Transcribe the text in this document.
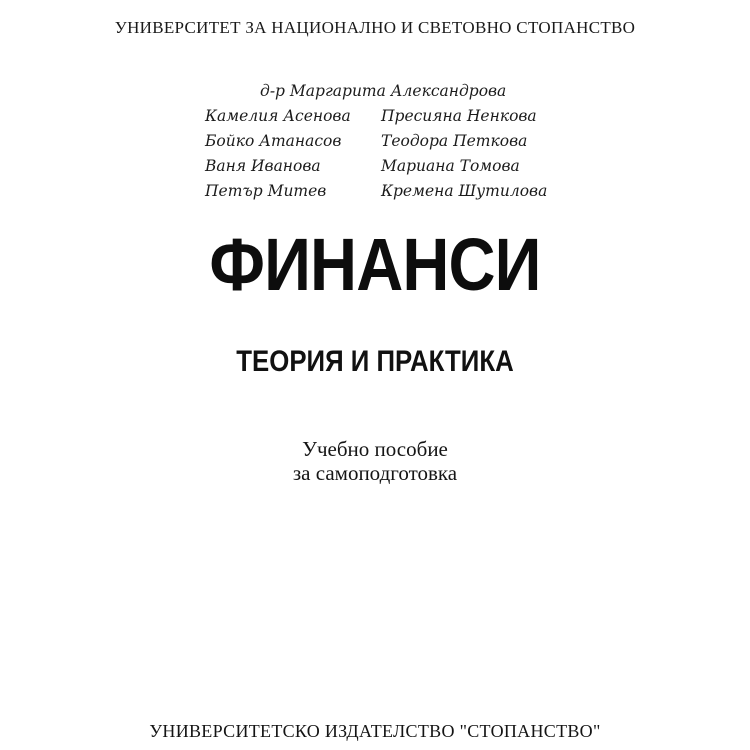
УНИВЕРСИТЕТ ЗА НАЦИОНАЛНО И СВЕТОВНО СТОПАНСТВО
д-р Маргарита Александрова
Камелия Асенова
Бойко Атанасов
Ваня Иванова
Петър Митев
Пресияна Ненкова
Теодора Петкова
Мариана Томова
Кремена Шутилова
ФИНАНСИ
ТЕОРИЯ И ПРАКТИКА
Учебно пособие
за самоподготовка
УНИВЕРСИТЕТСКО ИЗДАТЕЛСТВО "СТОПАНСТВО"
